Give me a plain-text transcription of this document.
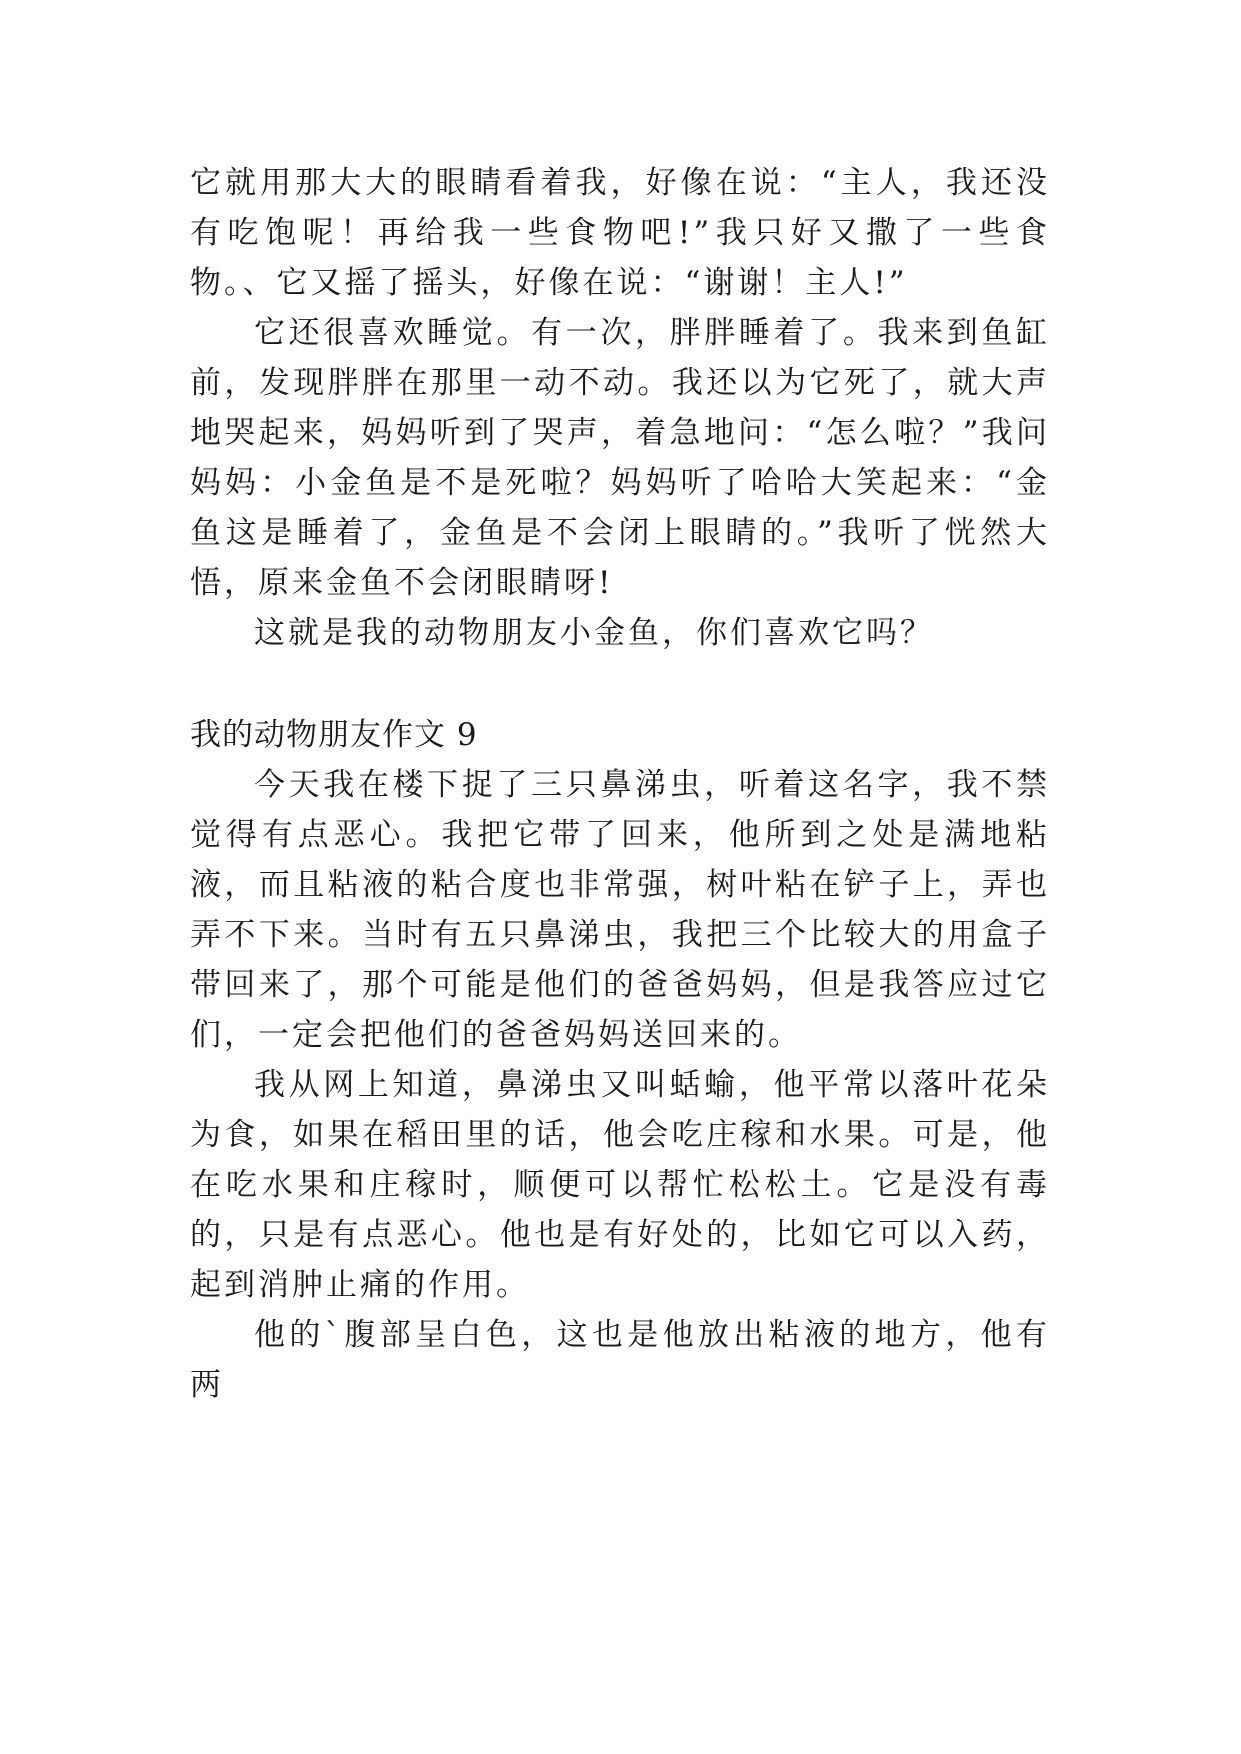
它就用那大大的眼睛看着我，好像在说：“主人，我还没有吃饱呢！再给我一些食物吧!”我只好又撒了一些食物。、它又摇了摇头，好像在说：“谢谢！主人!”

它还很喜欢睡觉。有一次，胖胖睡着了。我来到鱼缸前，发现胖胖在那里一动不动。我还以为它死了，就大声地哭起来，妈妈听到了哭声，着急地问：“怎么啦？”我问妈妈：小金鱼是不是死啦？妈妈听了哈哈大笑起来：“金鱼这是睡着了，金鱼是不会闭上眼睛的。”我听了恍然大悟，原来金鱼不会闭眼睛呀!

这就是我的动物朋友小金鱼，你们喜欢它吗？

我的动物朋友作文 9

今天我在楼下捉了三只鼻涕虫，听着这名字，我不禁觉得有点恶心。我把它带了回来，他所到之处是满地粘液，而且粘液的粘合度也非常强，树叶粘在铲子上，弄也弄不下来。当时有五只鼻涕虫，我把三个比较大的用盒子带回来了，那个可能是他们的爸爸妈妈，但是我答应过它们，一定会把他们的爸爸妈妈送回来的。

我从网上知道，鼻涕虫又叫蛞蝓，他平常以落叶花朵为食，如果在稻田里的话，他会吃庄稼和水果。可是，他在吃水果和庄稼时，顺便可以帮忙松松土。它是没有毒的，只是有点恶心。他也是有好处的，比如它可以入药，起到消肿止痛的作用。

他的`腹部呈白色，这也是他放出粘液的地方，他有两
